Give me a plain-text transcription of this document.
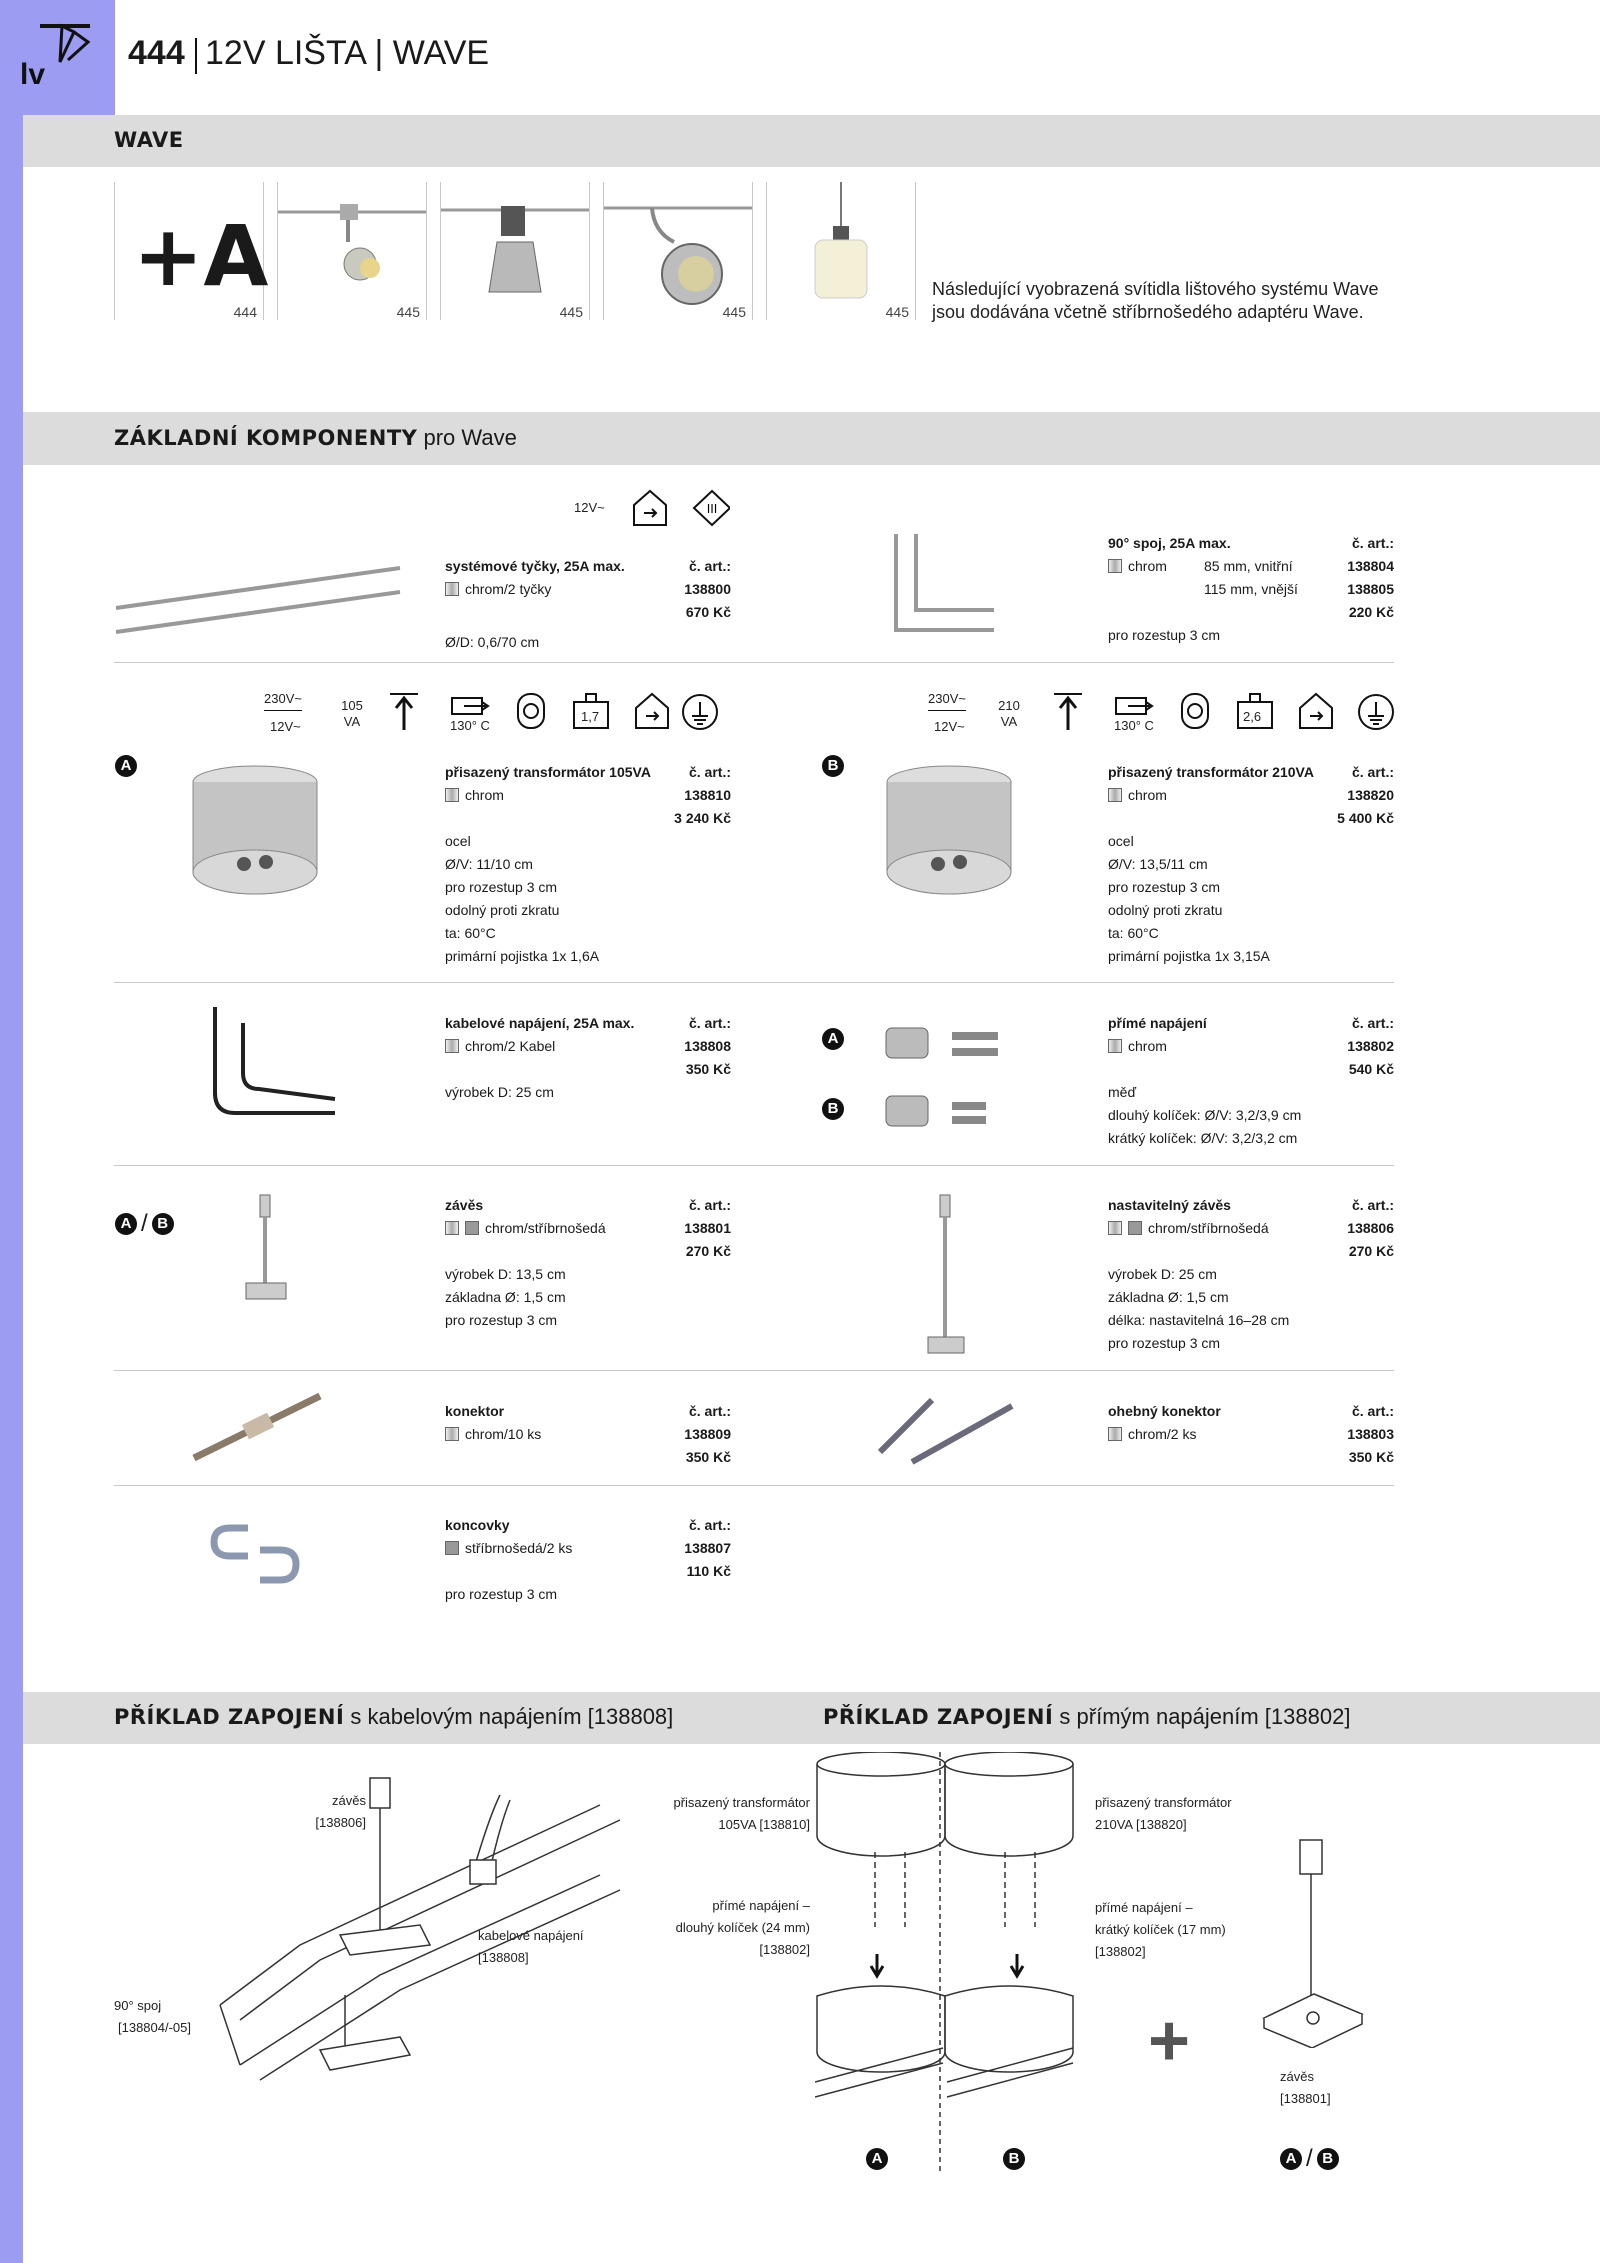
lv
444 12V LIŠTA | WAVE
WAVE
+A
444	445	445	445	445
Následující vyobrazená svítidla lištového systému Wave
jsou dodávána včetně stříbrnošedého adaptéru Wave.
ZÁKLADNÍ KOMPONENTY pro Wave
12V~	III
systémové tyčky, 25A max.	č. art.:
chrom/2 tyčky	138800
670 Kč
Ø/D: 0,6/70 cm
90° spoj, 25A max.	č. art.:
chrom	85 mm, vnitřní	138804
115 mm, vnější	138805
220 Kč
pro rozestup 3 cm
230V~
12V~
105
VA	130° C
1,7
230V~
12V~
210
VA	130° C
2,6
A	přisazený transformátor 105VA	č. art.:
chrom	138810
3 240 Kč
ocel
Ø/V: 11/10 cm
pro rozestup 3 cm
odolný proti zkratu
ta: 60°C
primární pojistka 1x 1,6A
B	přisazený transformátor 210VA	č. art.:
chrom	138820
5 400 Kč
ocel
Ø/V: 13,5/11 cm
pro rozestup 3 cm
odolný proti zkratu
ta: 60°C
primární pojistka 1x 3,15A
kabelové napájení, 25A max.	č. art.:
chrom/2 Kabel	138808
350 Kč
výrobek D: 25 cm
A
B
přímé napájení	č. art.:
chrom	138802
540 Kč
měď
dlouhý kolíček: Ø/V: 3,2/3,9 cm
krátký kolíček: Ø/V: 3,2/3,2 cm
A / B
závěs	č. art.:
chrom/stříbrnošedá	138801
270 Kč
výrobek D: 13,5 cm
základna Ø: 1,5 cm
pro rozestup 3 cm
nastavitelný závěs	č. art.:
chrom/stříbrnošedá	138806
270 Kč
výrobek D: 25 cm
základna Ø: 1,5 cm
délka: nastavitelná 16–28 cm
pro rozestup 3 cm
konektor	č. art.:
chrom/10 ks	138809
350 Kč
ohebný konektor	č. art.:
chrom/2 ks	138803
350 Kč
koncovky	č. art.:
stříbrnošedá/2 ks	138807
110 Kč
pro rozestup 3 cm
PŘÍKLAD ZAPOJENÍ s kabelovým napájením [138808]	PŘÍKLAD ZAPOJENÍ s přímým napájením [138802]
závěs
[138806]
kabelové napájení
[138808]
90° spoj
[138804/-05]
přisazený transformátor
105VA [138810]
přímé napájení –
dlouhý kolíček (24 mm)
[138802]
přisazený transformátor
210VA [138820]
přímé napájení –
krátký kolíček (17 mm)
[138802]
+	závěs
[138801]
A	B	A / B
